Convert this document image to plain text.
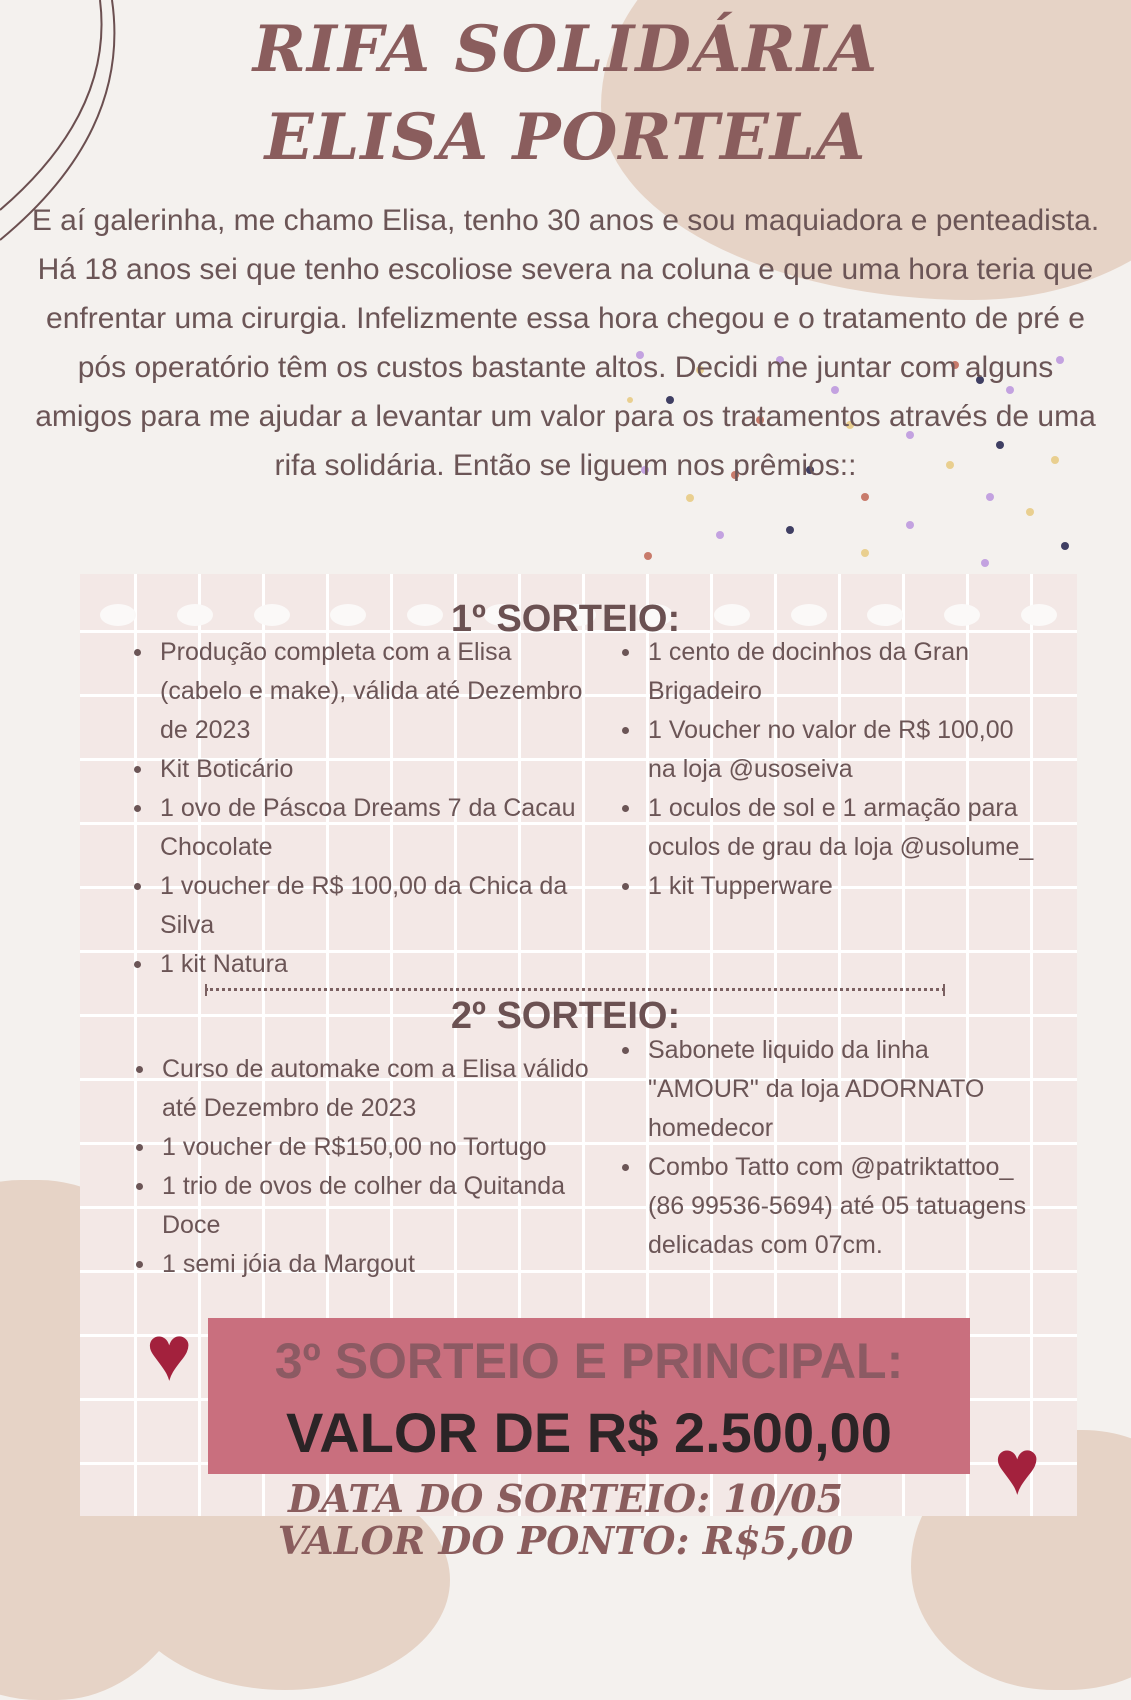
RIFA SOLIDÁRIA
ELISA PORTELA

E aí galerinha, me chamo Elisa, tenho 30 anos e sou maquiadora e penteadista. Há 18 anos sei que tenho escoliose severa na coluna e que uma hora teria que enfrentar uma cirurgia. Infelizmente essa hora chegou e o tratamento de pré e pós operatório têm os custos bastante altos. Decidi me juntar com alguns amigos para me ajudar a levantar um valor para os tratamentos através de uma rifa solidária. Então se liguem nos prêmios::

1º SORTEIO:
Produção completa com a Elisa (cabelo e make), válida até Dezembro de 2023
Kit Boticário
1 ovo de Páscoa Dreams 7 da Cacau Chocolate
1 voucher de R$ 100,00 da Chica da Silva
1 kit Natura
1 cento de docinhos da Gran Brigadeiro
1 Voucher no valor de R$ 100,00 na loja @usoseiva
1 oculos de sol e 1 armação para oculos de grau da loja @usolume_
1 kit Tupperware
2º SORTEIO:
Curso de automake com a Elisa válido até Dezembro de 2023
1 voucher de R$150,00 no Tortugo
1 trio de ovos de colher da Quitanda Doce
1 semi jóia da Margout
Sabonete liquido da linha "AMOUR" da loja ADORNATO homedecor
Combo Tatto com @patriktattoo_ (86 99536-5694) até 05 tatuagens delicadas com 07cm.
3º SORTEIO E PRINCIPAL:
VALOR DE R$ 2.500,00
♥
♥
DATA DO SORTEIO: 10/05
VALOR DO PONTO: R$5,00
